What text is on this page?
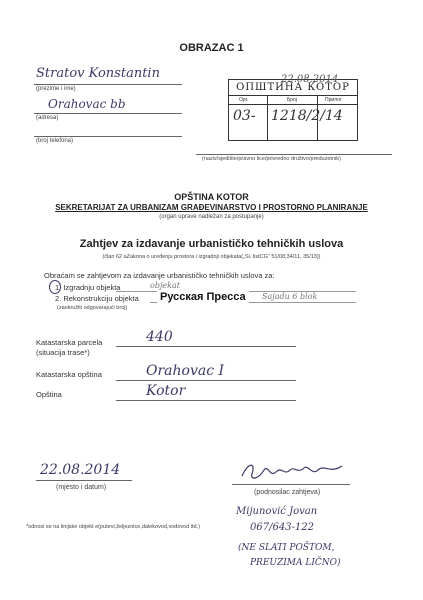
OBRAZAC 1
Stratov Konstantin
(prezime i ime)
Orahovac bb
(adresa)
(broj telefona)
ОПШТИНА КОТОР
22.08.2014
Орг.	Број	Прилог
03- 1218/2/14
(naziv/sjedište/pravno lice/privredno društvo/preduzetnik)
OPŠTINA KOTOR
SEKRETARIJAT ZA URBANIZAM GRAĐEVINARSTVO I PROSTORNO PLANIRANJE
(organ uprave nadležan za postupanje)
Zahtjev za izdavanje urbanističko tehničkih uslova
(član 62 aZakona o uređenju prostora i izgradnji objekata(„Sl. listCG" 51/08,34/11, 35/13))
Obraćam se zahtjevom za izdavanje urbanističko tehničkih uslova za:
1. Izgradnju objekta	objekat
2. Rekonstrukciju objekta	Sajadu 6 blok
(zaokružiti odgovarajući broj)
Русская Пресса
Katastarska parcela
(situacija trase*)
440
Katastarska opština	Orahovac I
Opština	Kotor
22.08.2014
(mjesto i datum)
(podnosilac zahtjeva)
Mijunović Jovan
067/643-122
(NE SLATI POŠTOM,
PREUZIMA LIČNO)
*odnosi se na linijske objekt e(putevi,željeznice,dalekovod,vodovod itd.)
